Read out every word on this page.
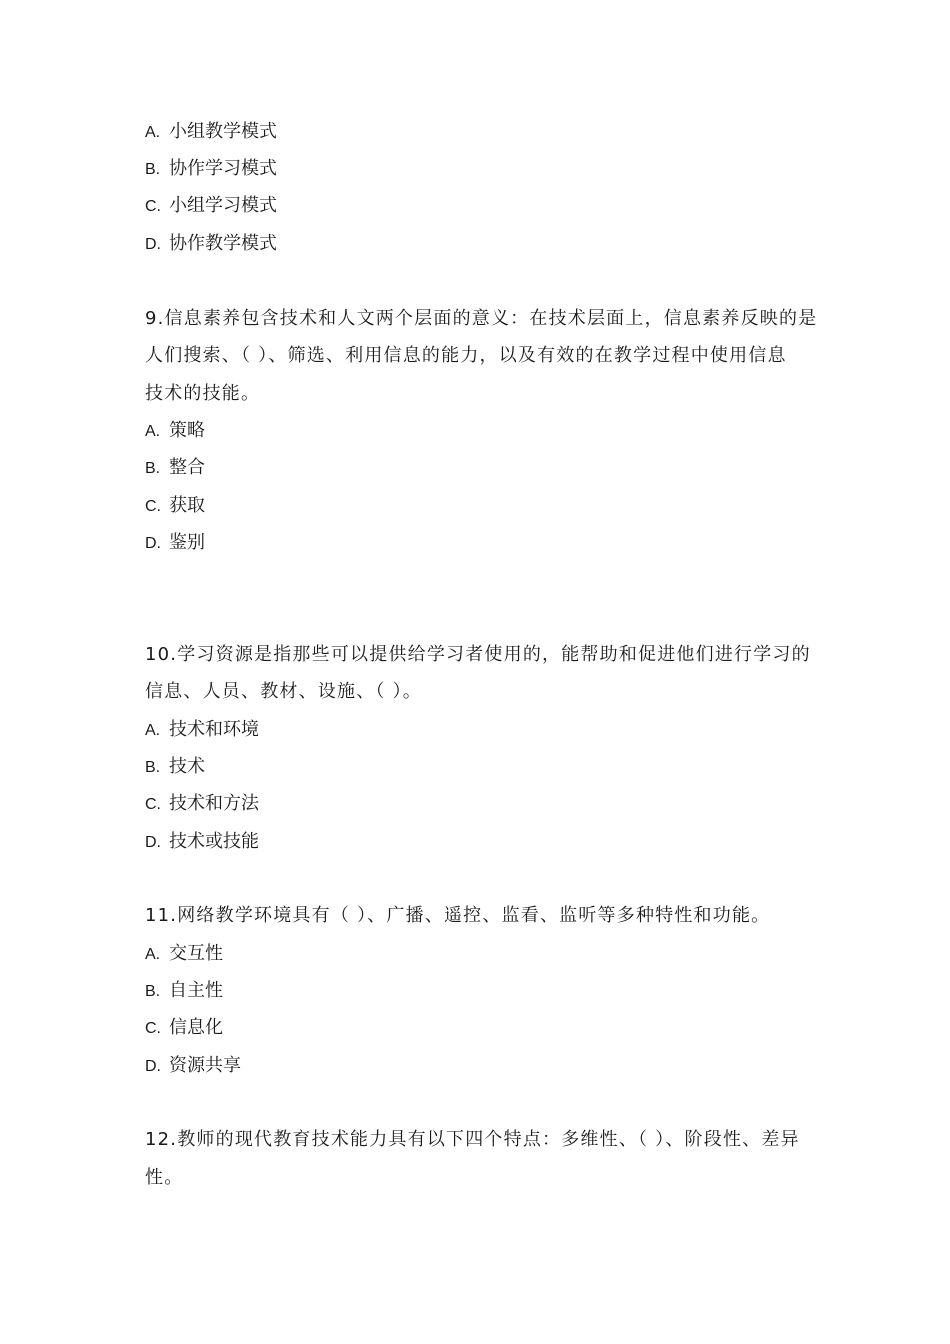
A. 小组教学模式
B. 协作学习模式
C. 小组学习模式
D. 协作教学模式
9.信息素养包含技术和人文两个层面的意义：在技术层面上，信息素养反映的是
人们搜索、（ ）、筛选、利用信息的能力，以及有效的在教学过程中使用信息
技术的技能。
A. 策略
B. 整合
C. 获取
D. 鉴别
10.学习资源是指那些可以提供给学习者使用的，能帮助和促进他们进行学习的
信息、人员、教材、设施、（ ）。
A. 技术和环境
B. 技术
C. 技术和方法
D. 技术或技能
11.网络教学环境具有（ ）、广播、遥控、监看、监听等多种特性和功能。
A. 交互性
B. 自主性
C. 信息化
D. 资源共享
12.教师的现代教育技术能力具有以下四个特点：多维性、（ ）、阶段性、差异
性。
